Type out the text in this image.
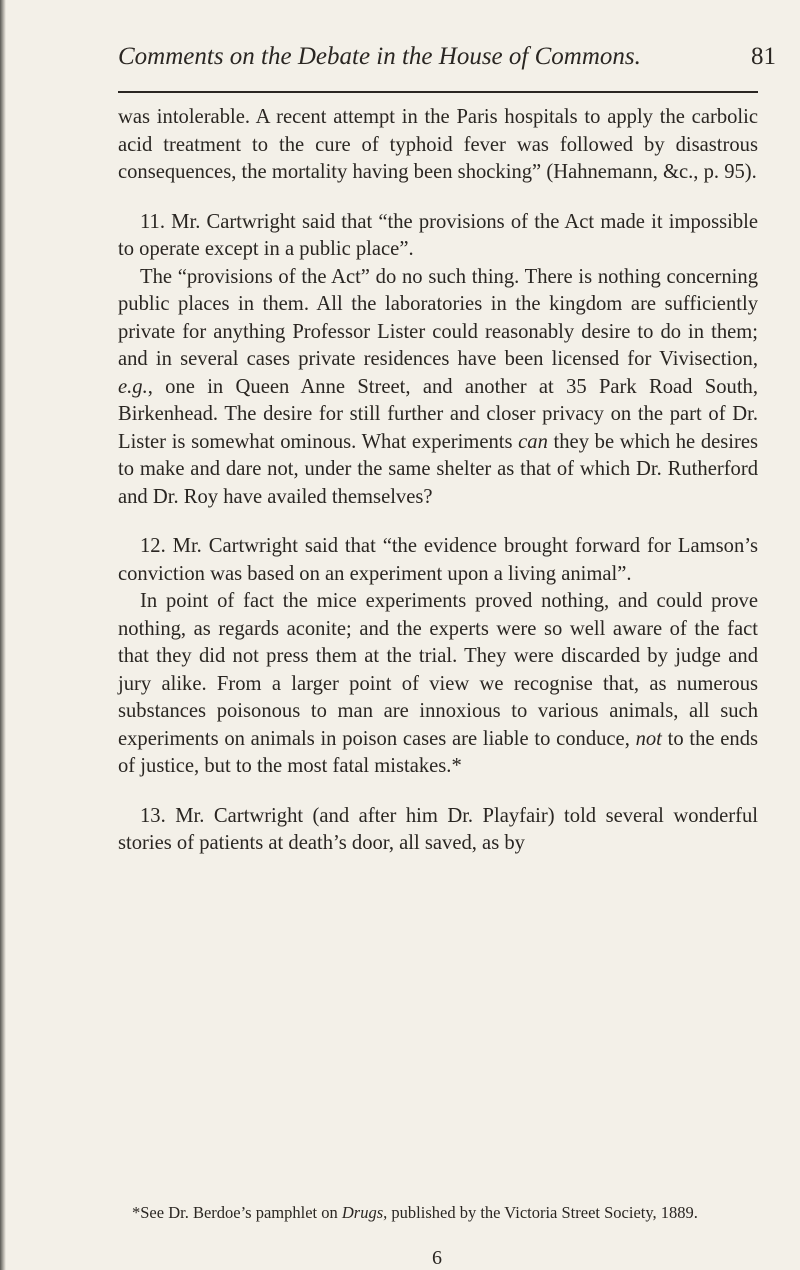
Comments on the Debate in the House of Commons.	81

was intolerable. A recent attempt in the Paris hospitals to apply the carbolic acid treatment to the cure of typhoid fever was followed by disastrous consequences, the mortality having been shocking” (Hahnemann, &c., p. 95).

11. Mr. Cartwright said that “the provisions of the Act made it impossible to operate except in a public place”.

The “provisions of the Act” do no such thing. There is nothing concerning public places in them. All the laboratories in the kingdom are sufficiently private for anything Professor Lister could reasonably desire to do in them; and in several cases private residences have been licensed for Vivisection, e.g., one in Queen Anne Street, and another at 35 Park Road South, Birkenhead. The desire for still further and closer privacy on the part of Dr. Lister is somewhat ominous. What experiments can they be which he desires to make and dare not, under the same shelter as that of which Dr. Rutherford and Dr. Roy have availed themselves?

12. Mr. Cartwright said that “the evidence brought forward for Lamson’s conviction was based on an experiment upon a living animal”.

In point of fact the mice experiments proved nothing, and could prove nothing, as regards aconite; and the experts were so well aware of the fact that they did not press them at the trial. They were discarded by judge and jury alike. From a larger point of view we recognise that, as numerous substances poisonous to man are innoxious to various animals, all such experiments on animals in poison cases are liable to conduce, not to the ends of justice, but to the most fatal mistakes.*

13. Mr. Cartwright (and after him Dr. Playfair) told several wonderful stories of patients at death’s door, all saved, as by

*See Dr. Berdoe’s pamphlet on Drugs, published by the Victoria Street Society, 1889.
6
